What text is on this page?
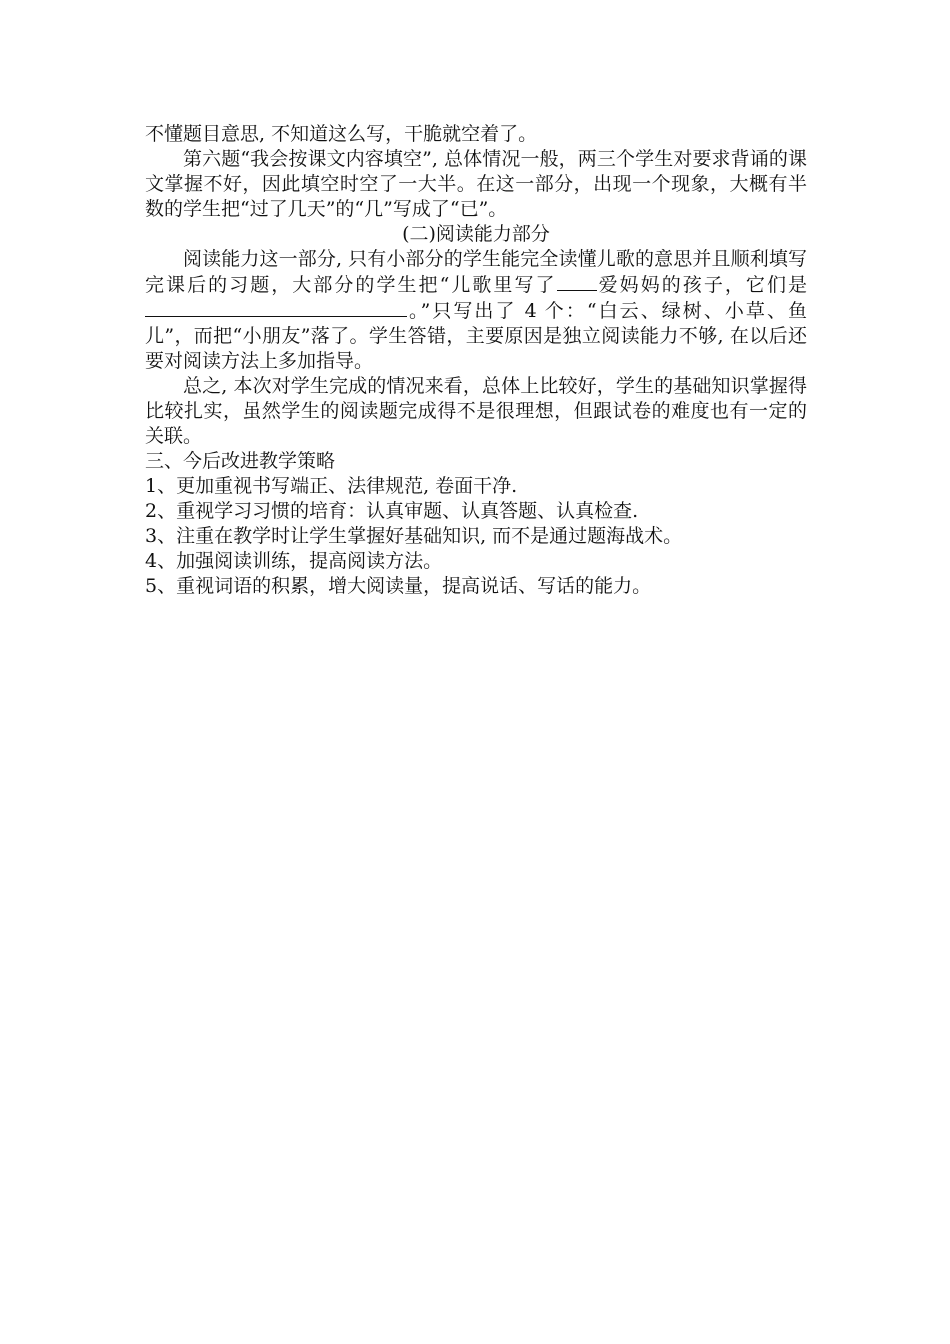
不懂题目意思, 不知道这么写，干脆就空着了。

第六题“我会按课文内容填空”, 总体情况一般，两三个学生对要求背诵的课文掌握不好，因此填空时空了一大半。在这一部分，出现一个现象，大概有半数的学生把“过了几天”的“几”写成了“已”。

(二)阅读能力部分

阅读能力这一部分, 只有小部分的学生能完全读懂儿歌的意思并且顺利填写完课后的习题，大部分的学生把“儿歌里写了 爱妈妈的孩子，它们是。”只写出了 4 个：“白云、绿树、小草、鱼儿”，而把“小朋友”落了。学生答错，主要原因是独立阅读能力不够, 在以后还要对阅读方法上多加指导。

总之, 本次对学生完成的情况来看，总体上比较好，学生的基础知识掌握得比较扎实，虽然学生的阅读题完成得不是很理想，但跟试卷的难度也有一定的关联。

三、今后改进教学策略

1、更加重视书写端正、法律规范, 卷面干净.

2、重视学习习惯的培育：认真审题、认真答题、认真检查.

3、注重在教学时让学生掌握好基础知识, 而不是通过题海战术。

4、加强阅读训练，提高阅读方法。

5、重视词语的积累，增大阅读量，提高说话、写话的能力。
